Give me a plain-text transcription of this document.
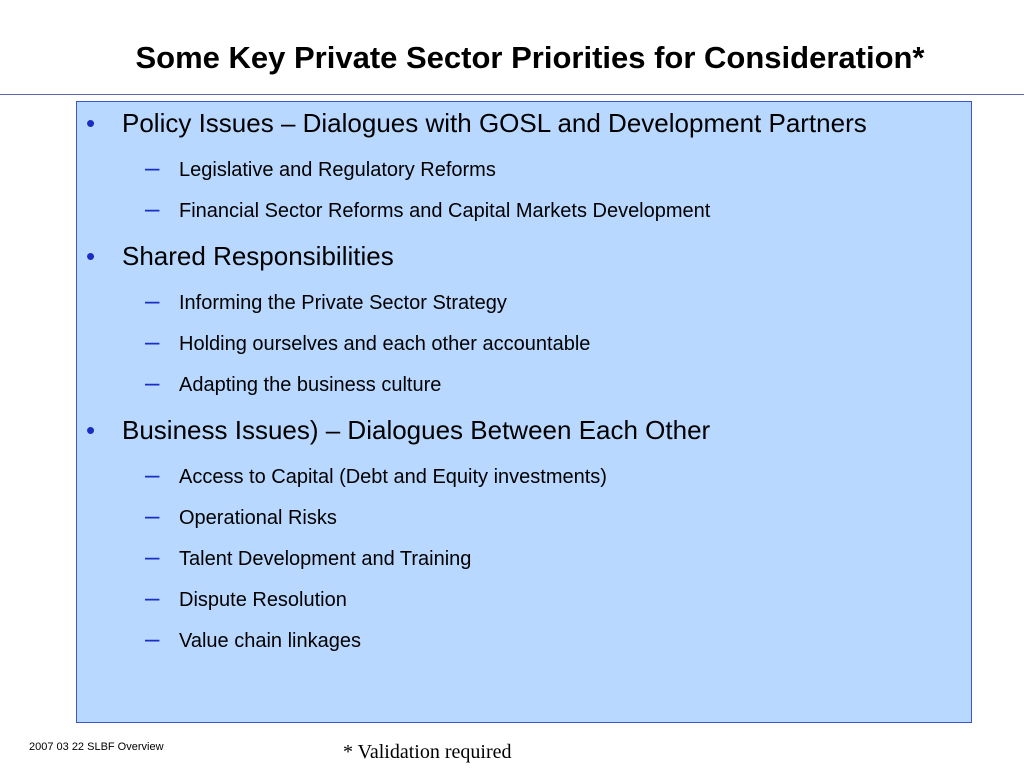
Some Key Private Sector Priorities for Consideration*
• Policy Issues – Dialogues with GOSL and Development Partners
– Legislative and Regulatory Reforms
– Financial Sector Reforms and Capital Markets Development
• Shared Responsibilities
– Informing the Private Sector Strategy
– Holding ourselves and each other accountable
– Adapting the business culture
• Business Issues) – Dialogues Between Each Other
– Access to Capital (Debt and Equity investments)
– Operational Risks
– Talent Development and Training
– Dispute Resolution
– Value chain linkages
2007 03 22 SLBF Overview	* Validation required
